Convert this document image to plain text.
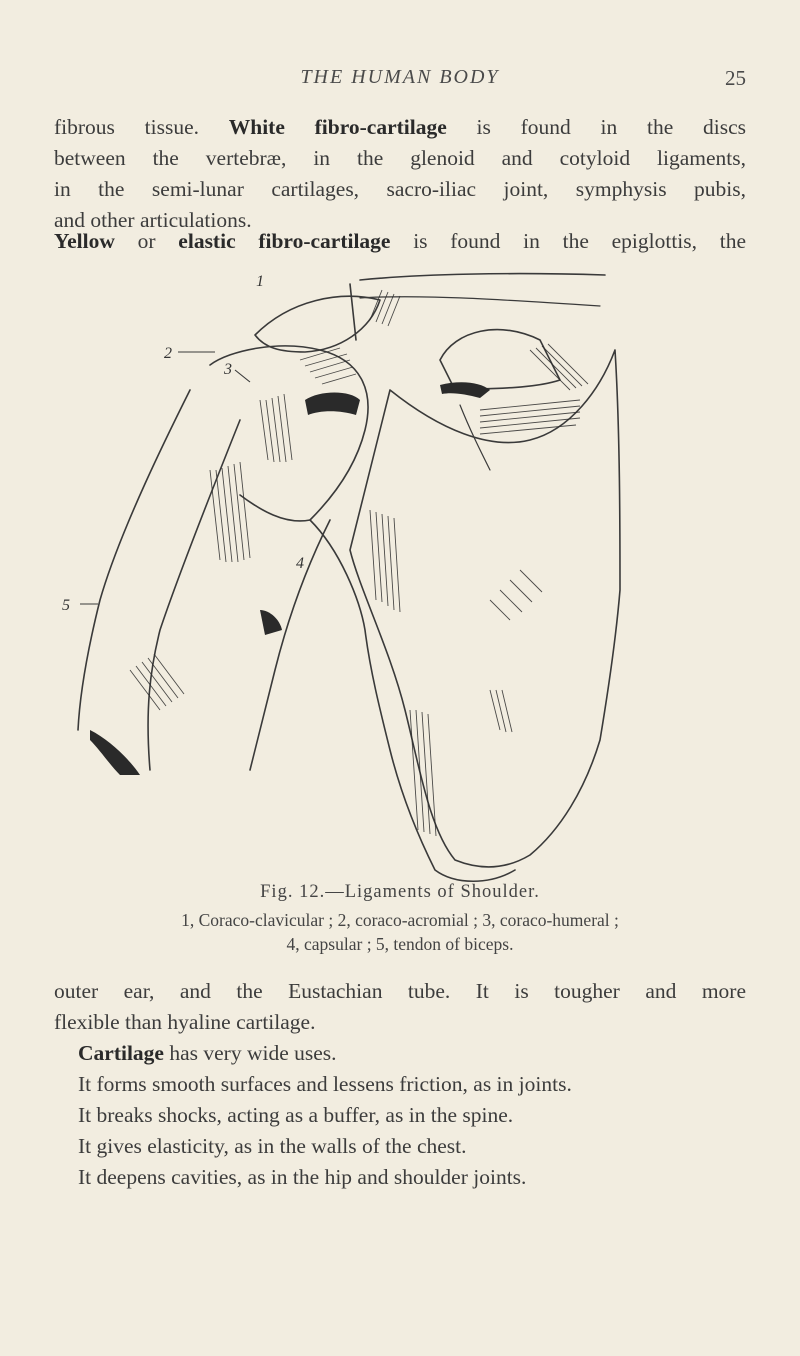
THE HUMAN BODY	25
fibrous tissue. White fibro-cartilage is found in the discs
between the vertebræ, in the glenoid and cotyloid ligaments,
in the semi-lunar cartilages, sacro-iliac joint, symphysis pubis,
and other articulations.
Yellow or elastic fibro-cartilage is found in the epiglottis, the
1
2
3
4
5
Fig. 12.—Ligaments of Shoulder.
1, Coraco-clavicular ; 2, coraco-acromial ; 3, coraco-humeral ;
4, capsular ; 5, tendon of biceps.
outer ear, and the Eustachian tube. It is tougher and more
flexible than hyaline cartilage.
Cartilage has very wide uses.
It forms smooth surfaces and lessens friction, as in joints.
It breaks shocks, acting as a buffer, as in the spine.
It gives elasticity, as in the walls of the chest.
It deepens cavities, as in the hip and shoulder joints.
